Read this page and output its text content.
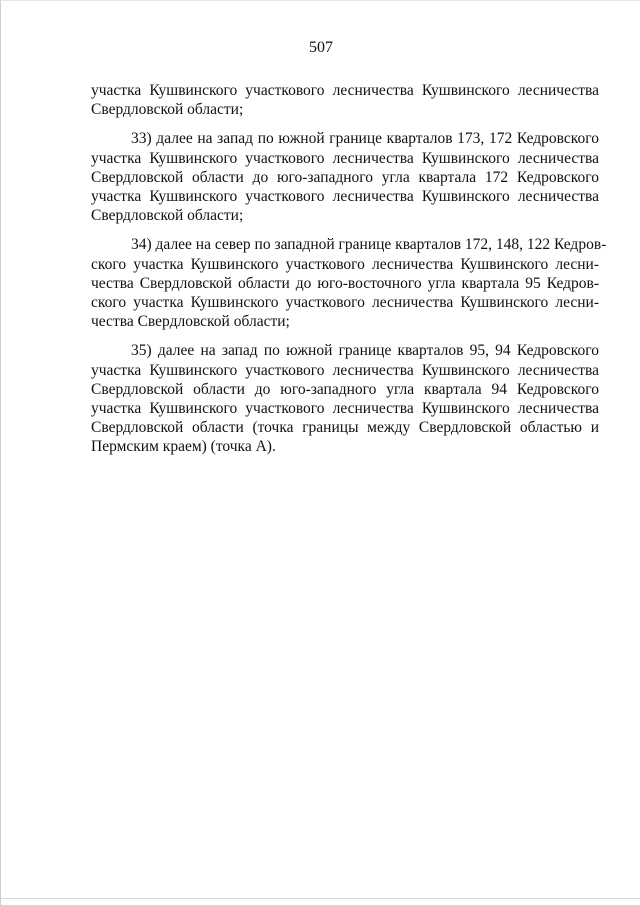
507
участка Кушвинского участкового лесничества Кушвинского лесничества
Свердловской области;
33) далее на запад по южной границе кварталов 173, 172 Кедровского
участка Кушвинского участкового лесничества Кушвинского лесничества
Свердловской области до юго-западного угла квартала 172 Кедровского
участка Кушвинского участкового лесничества Кушвинского лесничества
Свердловской области;
34) далее на север по западной границе кварталов 172, 148, 122 Кедров-
ского участка Кушвинского участкового лесничества Кушвинского лесни-
чества Свердловской области до юго-восточного угла квартала 95 Кедров-
ского участка Кушвинского участкового лесничества Кушвинского лесни-
чества Свердловской области;
35) далее на запад по южной границе кварталов 95, 94 Кедровского
участка Кушвинского участкового лесничества Кушвинского лесничества
Свердловской области до юго-западного угла квартала 94 Кедровского
участка Кушвинского участкового лесничества Кушвинского лесничества
Свердловской области (точка границы между Свердловской областью и
Пермским краем) (точка А).
